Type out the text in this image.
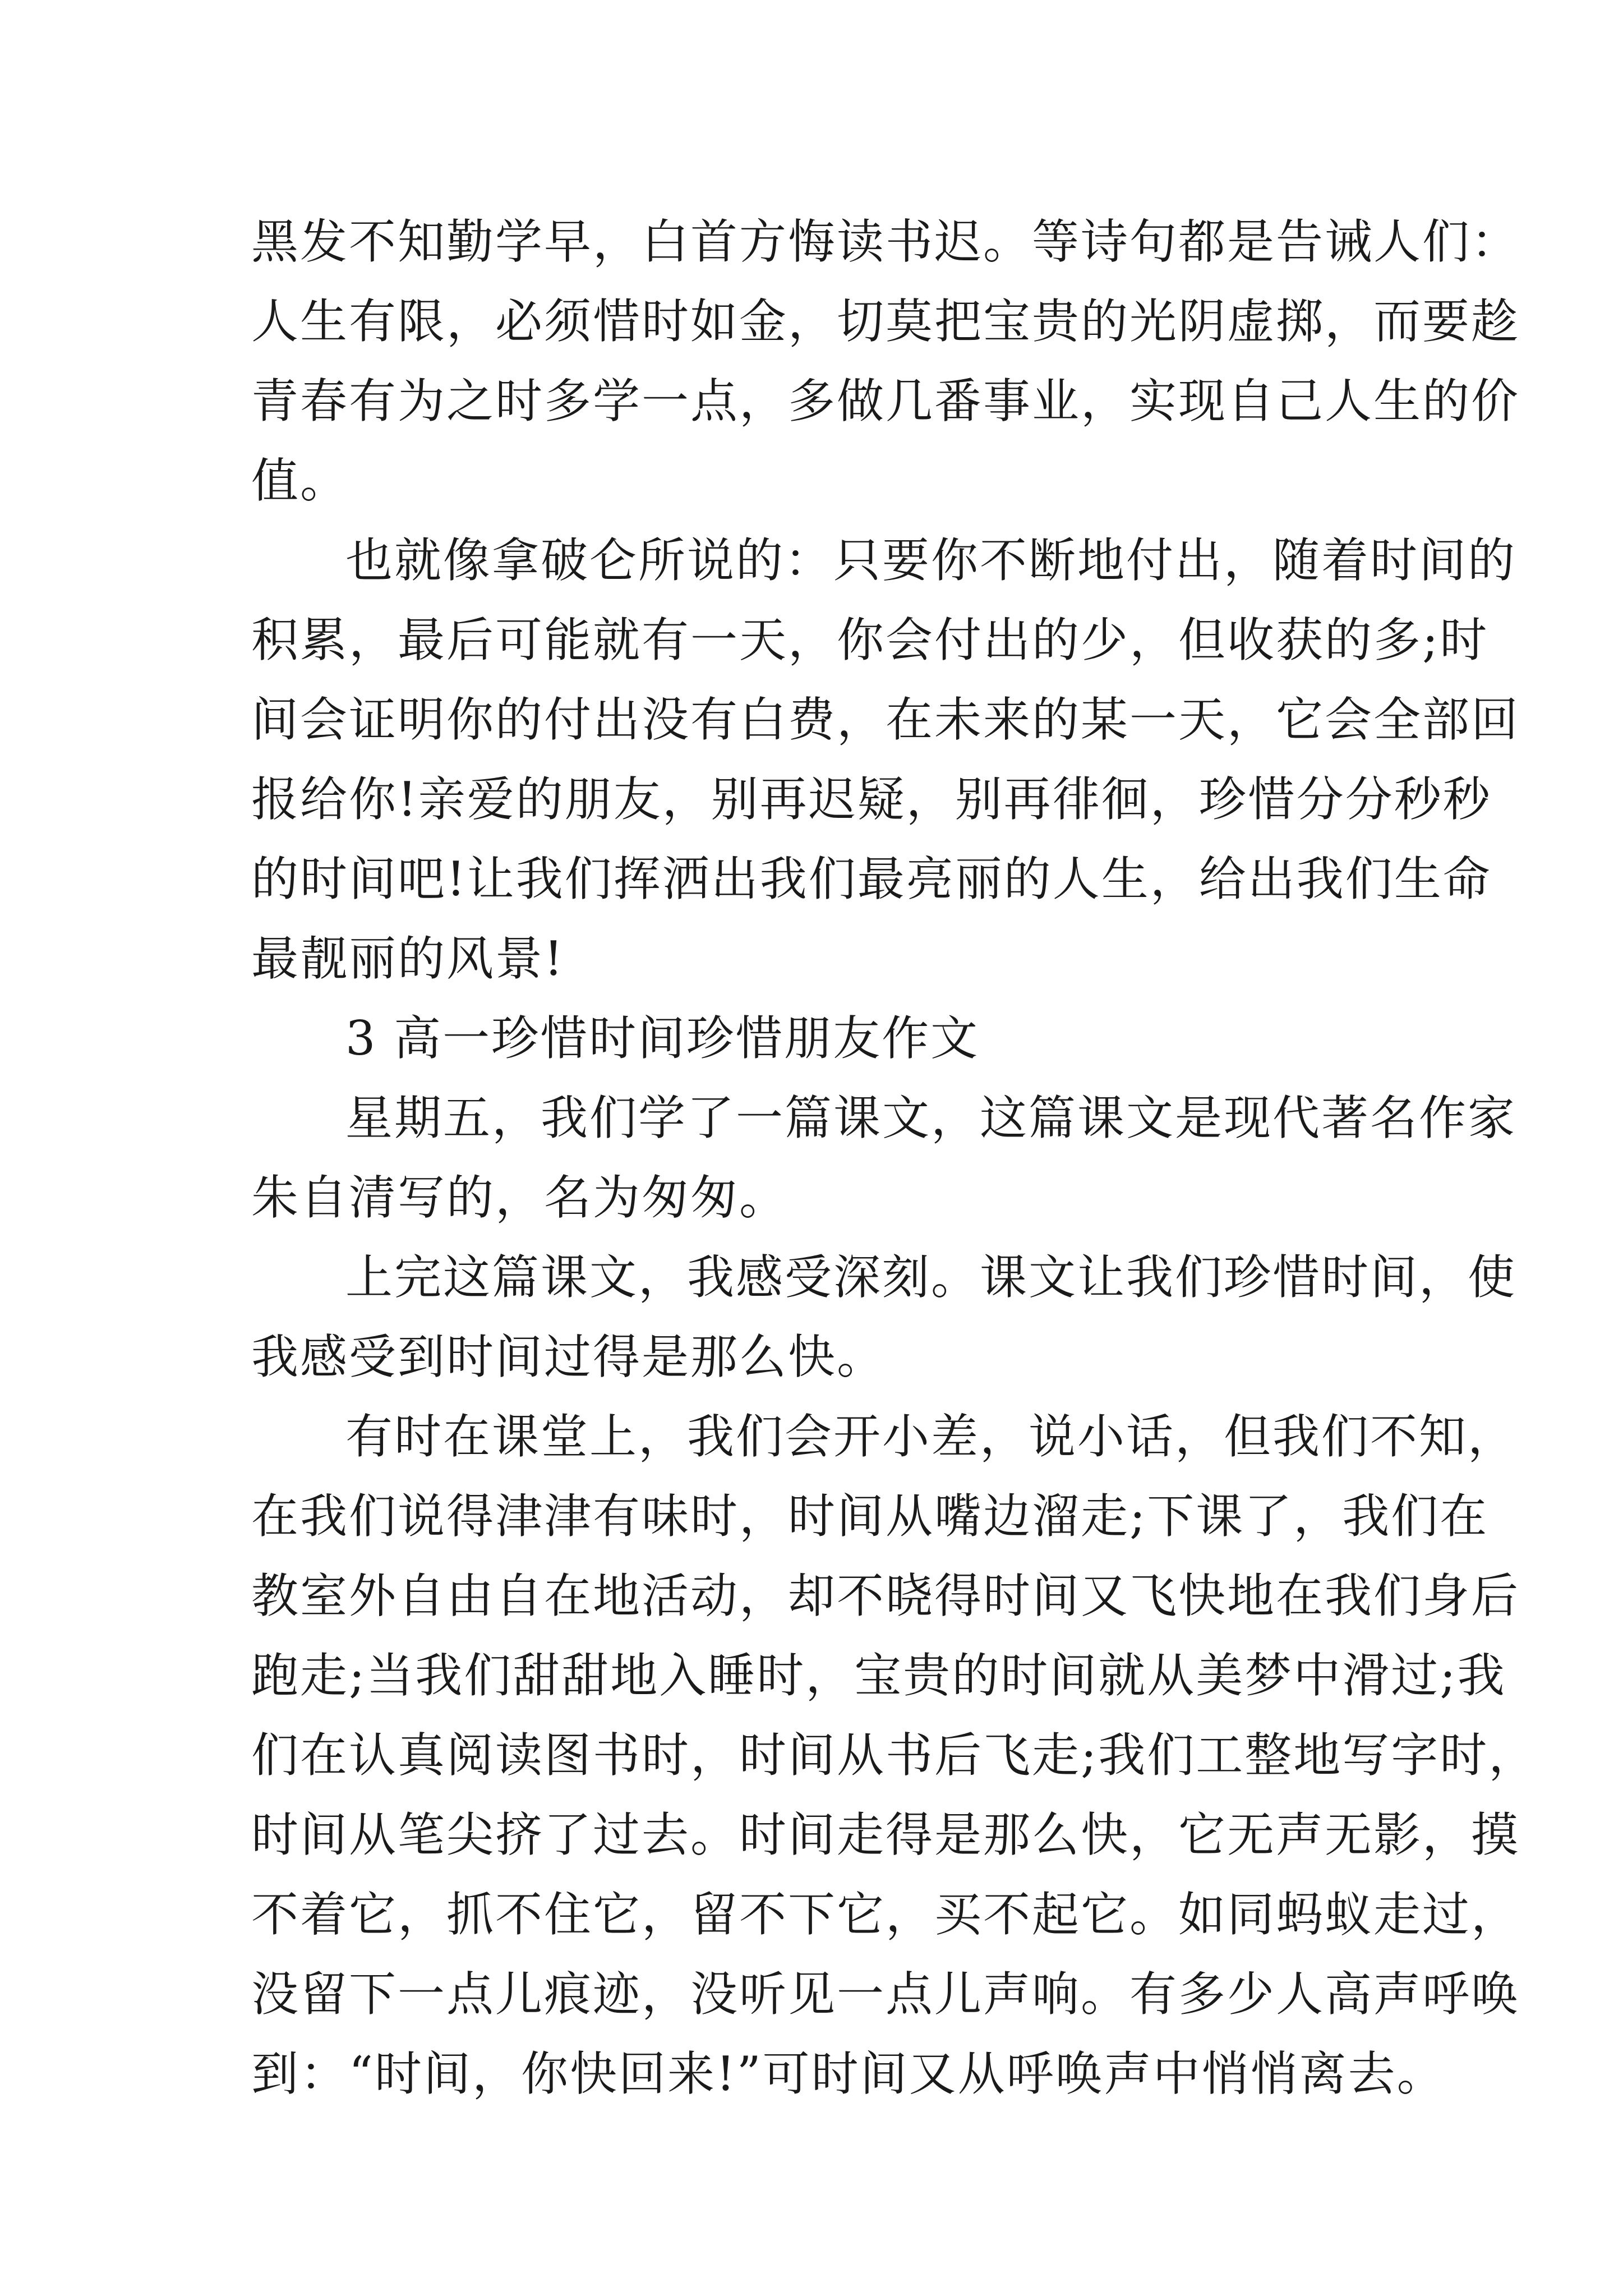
黑发不知勤学早，白首方悔读书迟。等诗句都是告诫人们：
人生有限，必须惜时如金，切莫把宝贵的光阴虚掷，而要趁
青春有为之时多学一点，多做几番事业，实现自己人生的价
值。
也就像拿破仑所说的：只要你不断地付出，随着时间的
积累，最后可能就有一天，你会付出的少，但收获的多;时
间会证明你的付出没有白费，在未来的某一天，它会全部回
报给你!亲爱的朋友，别再迟疑，别再徘徊，珍惜分分秒秒
的时间吧!让我们挥洒出我们最亮丽的人生，给出我们生命
最靓丽的风景!
3 高一珍惜时间珍惜朋友作文
星期五，我们学了一篇课文，这篇课文是现代著名作家
朱自清写的，名为匆匆。
上完这篇课文，我感受深刻。课文让我们珍惜时间，使
我感受到时间过得是那么快。
有时在课堂上，我们会开小差，说小话，但我们不知，
在我们说得津津有味时，时间从嘴边溜走;下课了，我们在
教室外自由自在地活动，却不晓得时间又飞快地在我们身后
跑走;当我们甜甜地入睡时，宝贵的时间就从美梦中滑过;我
们在认真阅读图书时，时间从书后飞走;我们工整地写字时，
时间从笔尖挤了过去。时间走得是那么快，它无声无影，摸
不着它，抓不住它，留不下它，买不起它。如同蚂蚁走过，
没留下一点儿痕迹，没听见一点儿声响。有多少人高声呼唤
到：“时间，你快回来!”可时间又从呼唤声中悄悄离去。
